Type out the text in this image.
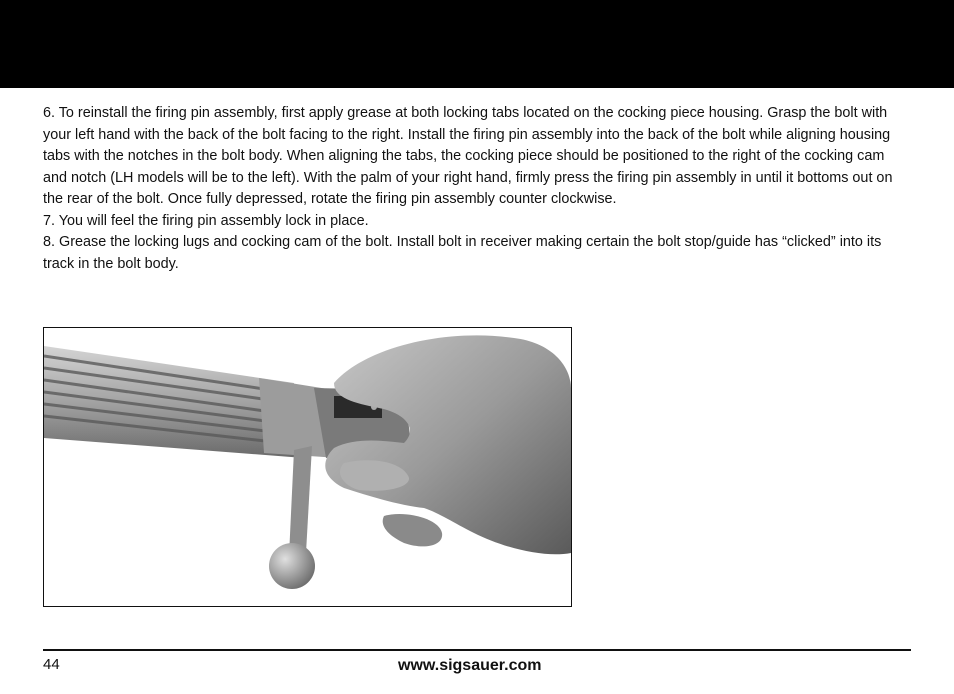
6. To reinstall the firing pin assembly, first apply grease at both locking tabs located on the cocking piece housing. Grasp the bolt with your left hand with the back of the bolt facing to the right. Install the firing pin assembly into the back of the bolt while aligning housing tabs with the notches in the bolt body. When aligning the tabs, the cocking piece should be positioned to the right of the cocking cam and notch (LH models will be to the left). With the palm of your right hand, firmly press the firing pin assembly in until it bottoms out on the rear of the bolt. Once fully depressed, rotate the firing pin assembly counter clockwise.

7. You will feel the firing pin assembly lock in place.

8. Grease the locking lugs and cocking cam of the bolt. Install bolt in receiver making certain the bolt stop/guide has “clicked” into its track in the bolt body.

44	www.sigsauer.com
